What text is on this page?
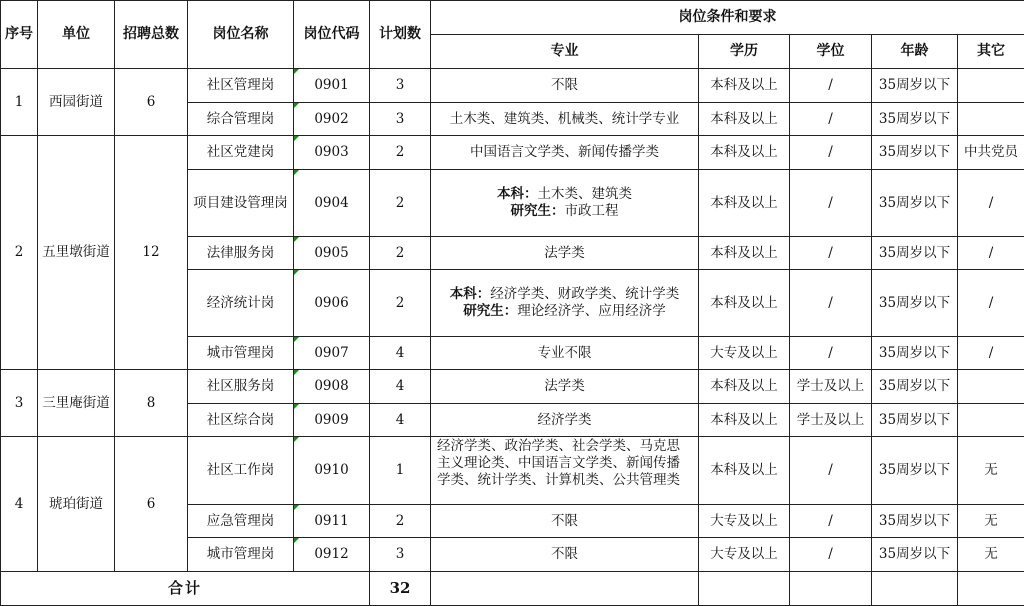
序号	单位	招聘总数	岗位名称	岗位代码	计划数	岗位条件和要求				
						专业	学历	学位	年龄	其它
1	西园街道	6	社区管理岗	0901	3	不限	本科及以上	/	35周岁以下	
			综合管理岗	0902	3	土木类、建筑类、机械类、统计学专业	本科及以上	/	35周岁以下	
2	五里墩街道	12	社区党建岗	0903	2	中国语言文学类、新闻传播学类	本科及以上	/	35周岁以下	中共党员
			项目建设管理岗	0904	2	本科：土木类、建筑类
研究生：市政工程	本科及以上	/	35周岁以下	/
			法律服务岗	0905	2	法学类	本科及以上	/	35周岁以下	/
			经济统计岗	0906	2	本科：经济学类、财政学类、统计学类
研究生：理论经济学、应用经济学	本科及以上	/	35周岁以下	/
			城市管理岗	0907	4	专业不限	大专及以上	/	35周岁以下	/
3	三里庵街道	8	社区服务岗	0908	4	法学类	本科及以上	学士及以上	35周岁以下	
			社区综合岗	0909	4	经济学类	本科及以上	学士及以上	35周岁以下	
4	琥珀街道	6	社区工作岗	0910	1	经济学类、政治学类、社会学类、马克思主义理论类、中国语言文学类、新闻传播学类、统计学类、计算机类、公共管理类	本科及以上	/	35周岁以下	无
			应急管理岗	0911	2	不限	大专及以上	/	35周岁以下	无
			城市管理岗	0912	3	不限	大专及以上	/	35周岁以下	无
合计					32					
